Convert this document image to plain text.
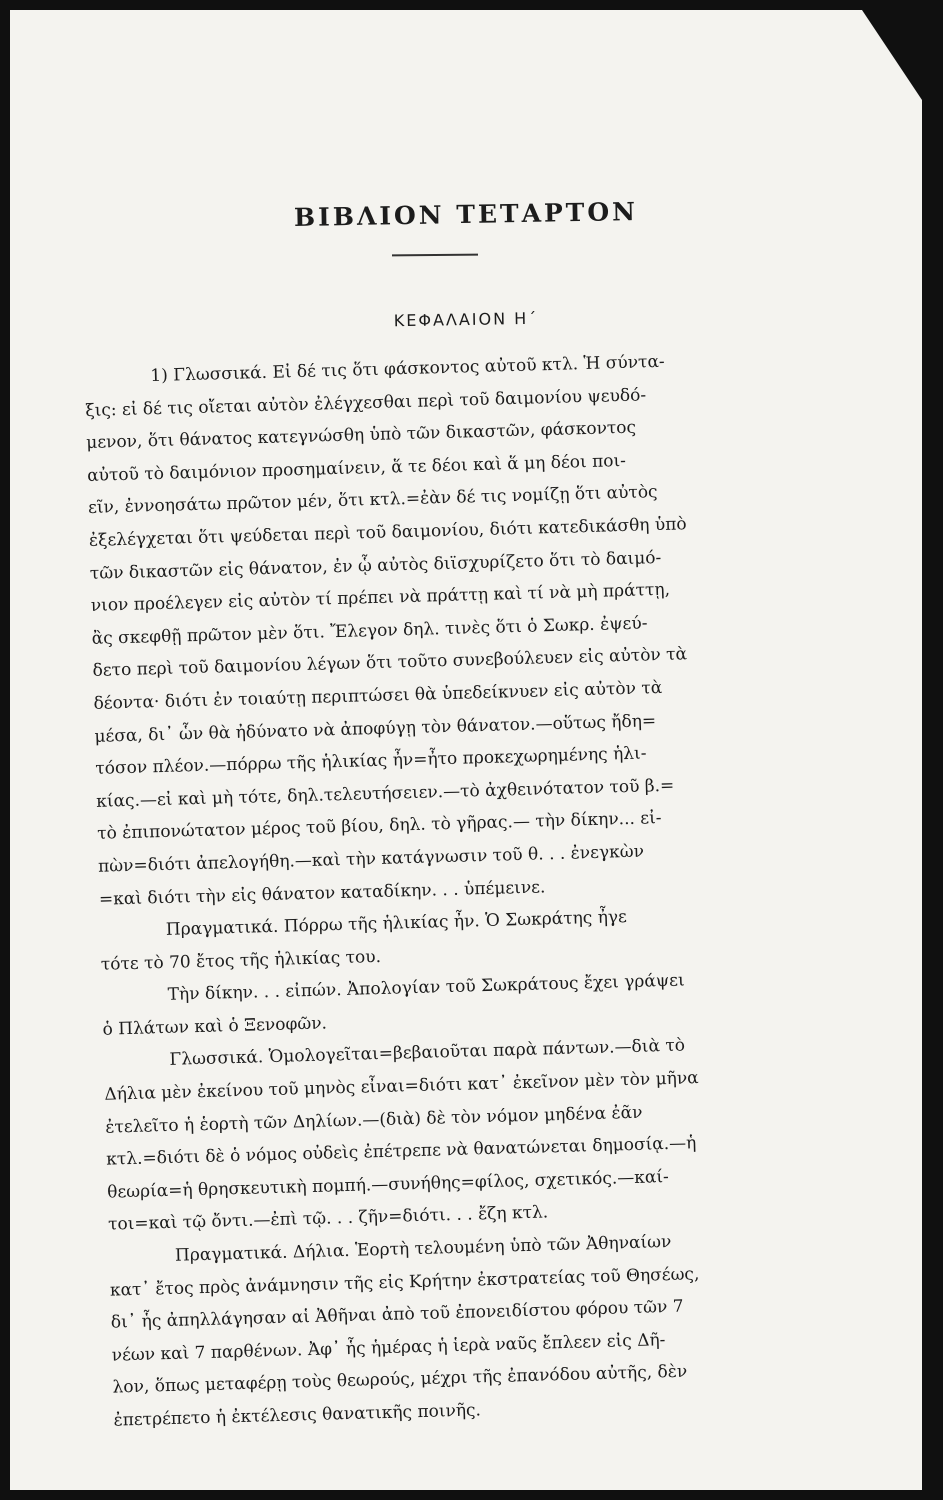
ΒΙΒΛΙΟΝ ΤΕΤΑΡΤΟΝ
ΚΕΦΑΛΑΙΟΝ Η΄
1) Γλωσσικά. Εἰ δέ τις ὅτι φάσκοντος αὐτοῦ κτλ. Ἡ σύντα-
ξις: εἰ δέ τις οἴεται αὐτὸν ἐλέγχεσθαι περὶ τοῦ δαιμονίου ψευδό-
μενον, ὅτι θάνατος κατεγνώσθη ὑπὸ τῶν δικαστῶν, φάσκοντος
αὐτοῦ τὸ δαιμόνιον προσημαίνειν, ἅ τε δέοι καὶ ἅ μη δέοι ποι-
εῖν, ἐννοησάτω πρῶτον μέν, ὅτι κτλ.=ἐὰν δέ τις νομίζῃ ὅτι αὐτὸς
ἐξελέγχεται ὅτι ψεύδεται περὶ τοῦ δαιμονίου, διότι κατεδικάσθη ὑπὸ
τῶν δικαστῶν εἰς θάνατον, ἐν ᾧ αὐτὸς διϊσχυρίζετο ὅτι τὸ δαιμό-
νιον προέλεγεν εἰς αὐτὸν τί πρέπει νὰ πράττῃ καὶ τί νὰ μὴ πράττῃ,
ἂς σκεφθῇ πρῶτον μὲν ὅτι. Ἔλεγον δηλ. τινὲς ὅτι ὁ Σωκρ. ἐψεύ-
δετο περὶ τοῦ δαιμονίου λέγων ὅτι τοῦτο συνεβούλευεν εἰς αὐτὸν τὰ
δέοντα· διότι ἐν τοιαύτῃ περιπτώσει θὰ ὑπεδείκνυεν εἰς αὐτὸν τὰ
μέσα, δι᾽ ὧν θὰ ἠδύνατο νὰ ἀποφύγῃ τὸν θάνατον.—οὕτως ἤδη=
τόσον πλέον.—πόρρω τῆς ἡλικίας ἦν=ἦτο προκεχωρημένης ἡλι-
κίας.—εἰ καὶ μὴ τότε, δηλ.τελευτήσειεν.—τὸ ἀχθεινότατον τοῦ β.=
τὸ ἐπιπονώτατον μέρος τοῦ βίου, δηλ. τὸ γῆρας.— τὴν δίκην... εἰ-
πὼν=διότι ἀπελογήθη.—καὶ τὴν κατάγνωσιν τοῦ θ. . . ἐνεγκὼν
=καὶ διότι τὴν εἰς θάνατον καταδίκην. . . ὑπέμεινε.
Πραγματικά. Πόρρω τῆς ἡλικίας ἦν. Ὁ Σωκράτης ἦγε
τότε τὸ 70 ἔτος τῆς ἡλικίας του.
Τὴν δίκην. . . εἰπών. Ἀπολογίαν τοῦ Σωκράτους ἔχει γράψει
ὁ Πλάτων καὶ ὁ Ξενοφῶν.
Γλωσσικά. Ὁμολογεῖται=βεβαιοῦται παρὰ πάντων.—διὰ τὸ
Δήλια μὲν ἐκείνου τοῦ μηνὸς εἶναι=διότι κατ᾽ ἐκεῖνον μὲν τὸν μῆνα
ἐτελεῖτο ἡ ἑορτὴ τῶν Δηλίων.—(διὰ) δὲ τὸν νόμον μηδένα ἐᾶν
κτλ.=διότι δὲ ὁ νόμος οὐδεὶς ἐπέτρεπε νὰ θανατώνεται δημοσίᾳ.—ἡ
θεωρία=ἡ θρησκευτικὴ πομπή.—συνήθης=φίλος, σχετικός.—καί-
τοι=καὶ τῷ ὄντι.—ἐπὶ τῷ. . . ζῆν=διότι. . . ἔζη κτλ.
Πραγματικά. Δήλια. Ἑορτὴ τελουμένη ὑπὸ τῶν Ἀθηναίων
κατ᾽ ἔτος πρὸς ἀνάμνησιν τῆς εἰς Κρήτην ἐκστρατείας τοῦ Θησέως,
δι᾽ ἧς ἀπηλλάγησαν αἱ Ἀθῆναι ἀπὸ τοῦ ἐπονειδίστου φόρου τῶν 7
νέων καὶ 7 παρθένων. Ἀφ᾽ ἧς ἡμέρας ἡ ἱερὰ ναῦς ἔπλεεν εἰς Δῆ-
λον, ὅπως μεταφέρῃ τοὺς θεωρούς, μέχρι τῆς ἐπανόδου αὐτῆς, δὲν
ἐπετρέπετο ἡ ἐκτέλεσις θανατικῆς ποινῆς.
